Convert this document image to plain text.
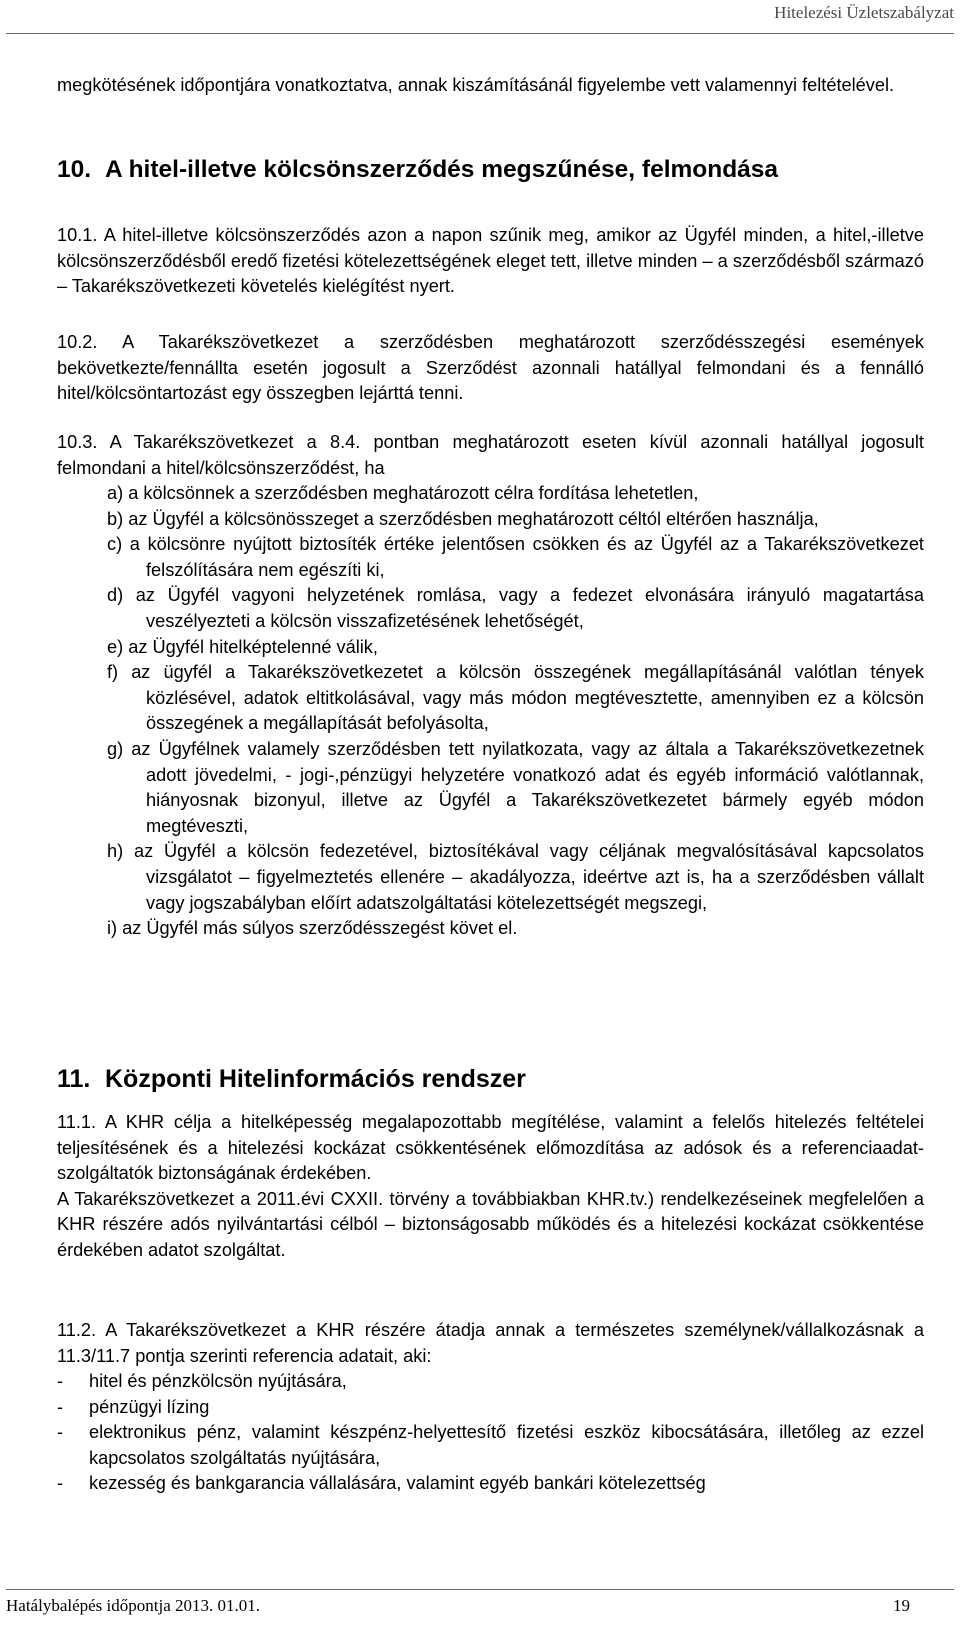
Hitelezési Üzletszabályzat
megkötésének időpontjára vonatkoztatva, annak kiszámításánál figyelembe vett valamennyi feltételével.
10. A hitel-illetve kölcsönszerződés megszűnése, felmondása
10.1. A hitel-illetve kölcsönszerződés azon a napon szűnik meg, amikor az Ügyfél minden, a hitel,-illetve kölcsönszerződésből eredő fizetési kötelezettségének eleget tett, illetve minden – a szerződésből származó – Takarékszövetkezeti követelés kielégítést nyert.
10.2. A Takarékszövetkezet a szerződésben meghatározott szerződésszegési események bekövetkezte/fennállta esetén jogosult a Szerződést azonnali hatállyal felmondani és a fennálló hitel/kölcsöntartozást egy összegben lejárttá tenni.
10.3. A Takarékszövetkezet a 8.4. pontban meghatározott eseten kívül azonnali hatállyal jogosult felmondani a hitel/kölcsönszerződést, ha
a) a kölcsönnek a szerződésben meghatározott célra fordítása lehetetlen,
b) az Ügyfél a kölcsönösszeget a szerződésben meghatározott céltól eltérően használja,
c) a kölcsönre nyújtott biztosíték értéke jelentősen csökken és az Ügyfél az a Takarékszövetkezet felszólítására nem egészíti ki,
d) az Ügyfél vagyoni helyzetének romlása, vagy a fedezet elvonására irányuló magatartása veszélyezteti a kölcsön visszafizetésének lehetőségét,
e) az Ügyfél hitelképtelenné válik,
f) az ügyfél a Takarékszövetkezetet a kölcsön összegének megállapításánál valótlan tények közlésével, adatok eltitkolásával, vagy más módon megtévesztette, amennyiben ez a kölcsön összegének a megállapítását befolyásolta,
g) az Ügyfélnek valamely szerződésben tett nyilatkozata, vagy az általa a Takarékszövetkezetnek adott jövedelmi, - jogi-,pénzügyi helyzetére vonatkozó adat és egyéb információ valótlannak, hiányosnak bizonyul, illetve az Ügyfél a Takarékszövetkezetet bármely egyéb módon megtéveszti,
h) az Ügyfél a kölcsön fedezetével, biztosítékával vagy céljának megvalósításával kapcsolatos vizsgálatot – figyelmeztetés ellenére – akadályozza, ideértve azt is, ha a szerződésben vállalt vagy jogszabályban előírt adatszolgáltatási kötelezettségét megszegi,
i) az Ügyfél más súlyos szerződésszegést követ el.
11. Központi Hitelinformációs rendszer
11.1. A KHR célja a hitelképesség megalapozottabb megítélése, valamint a felelős hitelezés feltételei teljesítésének és a hitelezési kockázat csökkentésének előmozdítása az adósok és a referenciaadat-szolgáltatók biztonságának érdekében.
A Takarékszövetkezet a 2011.évi CXXII. törvény a továbbiakban KHR.tv.) rendelkezéseinek megfelelően a KHR részére adós nyilvántartási célból – biztonságosabb működés és a hitelezési kockázat csökkentése érdekében adatot szolgáltat.
11.2. A Takarékszövetkezet a KHR részére átadja annak a természetes személynek/vállalkozásnak a 11.3/11.7 pontja szerinti referencia adatait, aki:
- hitel és pénzkölcsön nyújtására,
- pénzügyi lízing
- elektronikus pénz, valamint készpénz-helyettesítő fizetési eszköz kibocsátására, illetőleg az ezzel kapcsolatos szolgáltatás nyújtására,
- kezesség és bankgarancia vállalására, valamint egyéb bankári kötelezettség
Hatálybalépés időpontja 2013. 01.01.	19
